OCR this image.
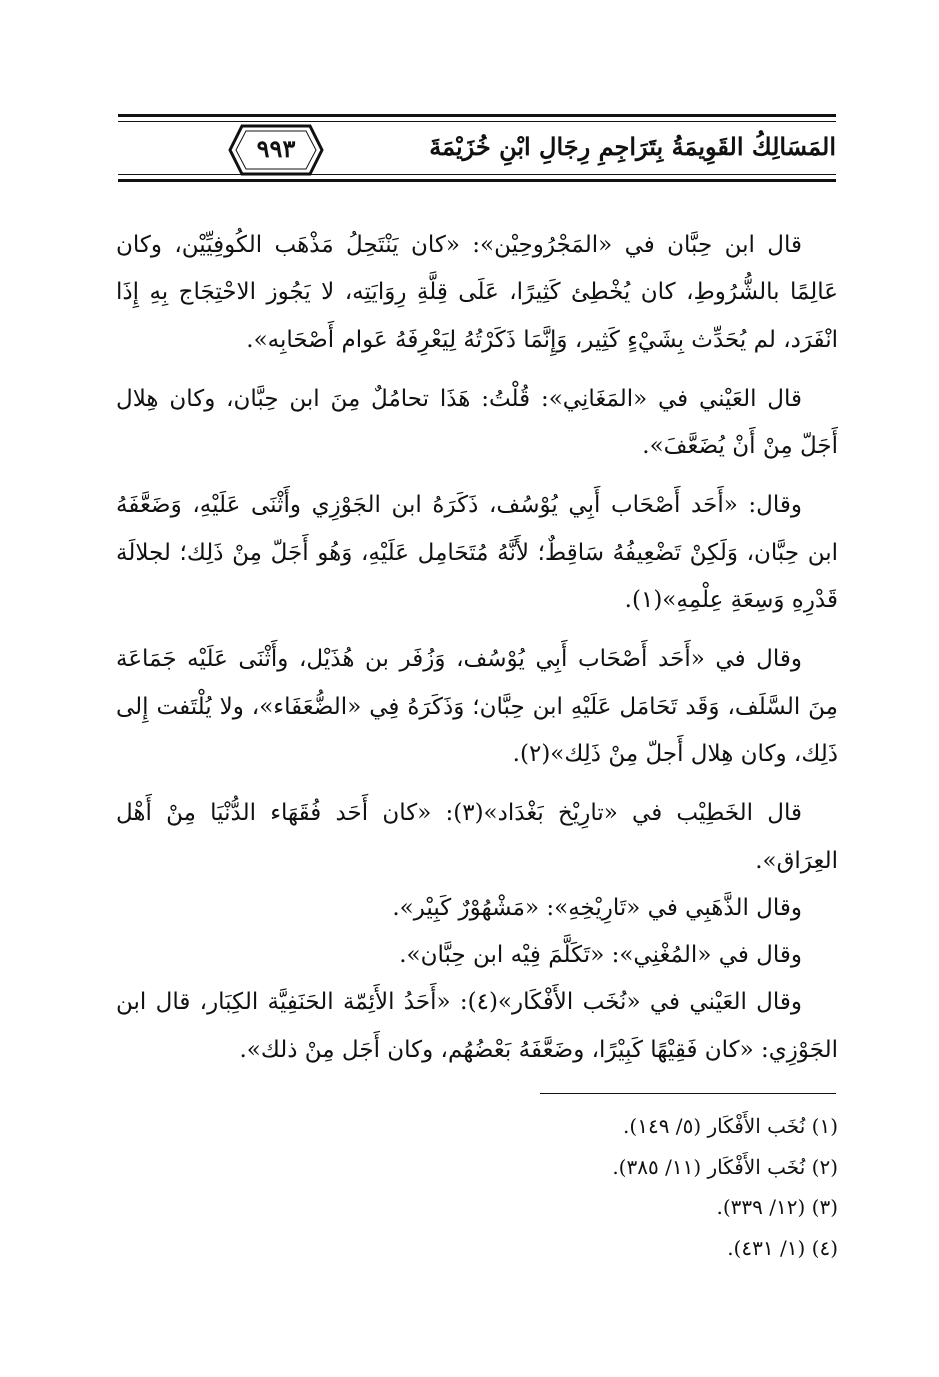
٩٩٣	المَسَالِكُ القَوِيمَةُ بِتَرَاجِمِ رِجَالِ ابْنِ خُزَيْمَةَ

قال ابن حِبَّان في «المَجْرُوحِيْن»: «كان يَنْتَحِلُ مَذْهَب الكُوفِيِّيْن، وكان عَالِمًا بالشُّرُوطِ، كان يُخْطِئ كَثِيرًا، عَلَى قِلَّةِ رِوَايَتِه، لا يَجُوز الاحْتِجَاج بِهِ إِذَا انْفَرَد، لم يُحَدِّث بِشَيْءٍ كَثِير، وَإِنَّمَا ذَكَرْتُهُ لِيَعْرِفَهُ عَوام أَصْحَابِه».

قال العَيْني في «المَغَانِي»: قُلْتُ: هَذَا تحامُلٌ مِنَ ابن حِبَّان، وكان هِلال أَجَلّ مِنْ أَنْ يُضَعَّفَ».

وقال: «أَحَد أَصْحَاب أَبِي يُوْسُف، ذَكَرَهُ ابن الجَوْزِي وأَثْنَى عَلَيْهِ، وَضَعَّفَهُ ابن حِبَّان، وَلَكِنْ تَضْعِيفُهُ سَاقِطٌ؛ لأَنَّهُ مُتَحَامِل عَلَيْهِ، وَهُو أَجَلّ مِنْ ذَلِك؛ لجلالَة قَدْرِهِ وَسِعَةِ عِلْمِهِ»(١).

وقال في «أَحَد أَصْحَاب أَبِي يُوْسُف، وَزُفَر بن هُذَيْل، وأَثْنَى عَلَيْه جَمَاعَة مِنَ السَّلَف، وَقَد تَحَامَل عَلَيْهِ ابن حِبَّان؛ وَذَكَرَهُ فِي «الضُّعَفَاء»، ولا يُلْتَفت إِلى ذَلِك، وكان هِلال أَجلّ مِنْ ذَلِك»(٢).

قال الخَطِيْب في «تارِيْخ بَغْدَاد»(٣): «كان أَحَد فُقَهَاء الدُّنْيَا مِنْ أَهْل العِرَاق».

وقال الذَّهَبِي في «تَارِيْخِهِ»: «مَشْهُوْرٌ كَبِيْر».

وقال في «المُغْنِي»: «تَكَلَّمَ فِيْه ابن حِبَّان».

وقال العَيْني في «نُخَب الأَفْكَار»(٤): «أَحَدُ الأَئِمّة الحَنَفِيَّة الكِبَار، قال ابن الجَوْزِي: «كان فَقِيْهًا كَبِيْرًا، وضَعَّفَهُ بَعْضُهُم، وكان أَجَل مِنْ ذلك».

(١) نُخَب الأَفْكَار (٥/ ١٤٩).
(٢) نُخَب الأَفْكَار (١١/ ٣٨٥).
(٣) (١٢/ ٣٣٩).
(٤) (١/ ٤٣١).
